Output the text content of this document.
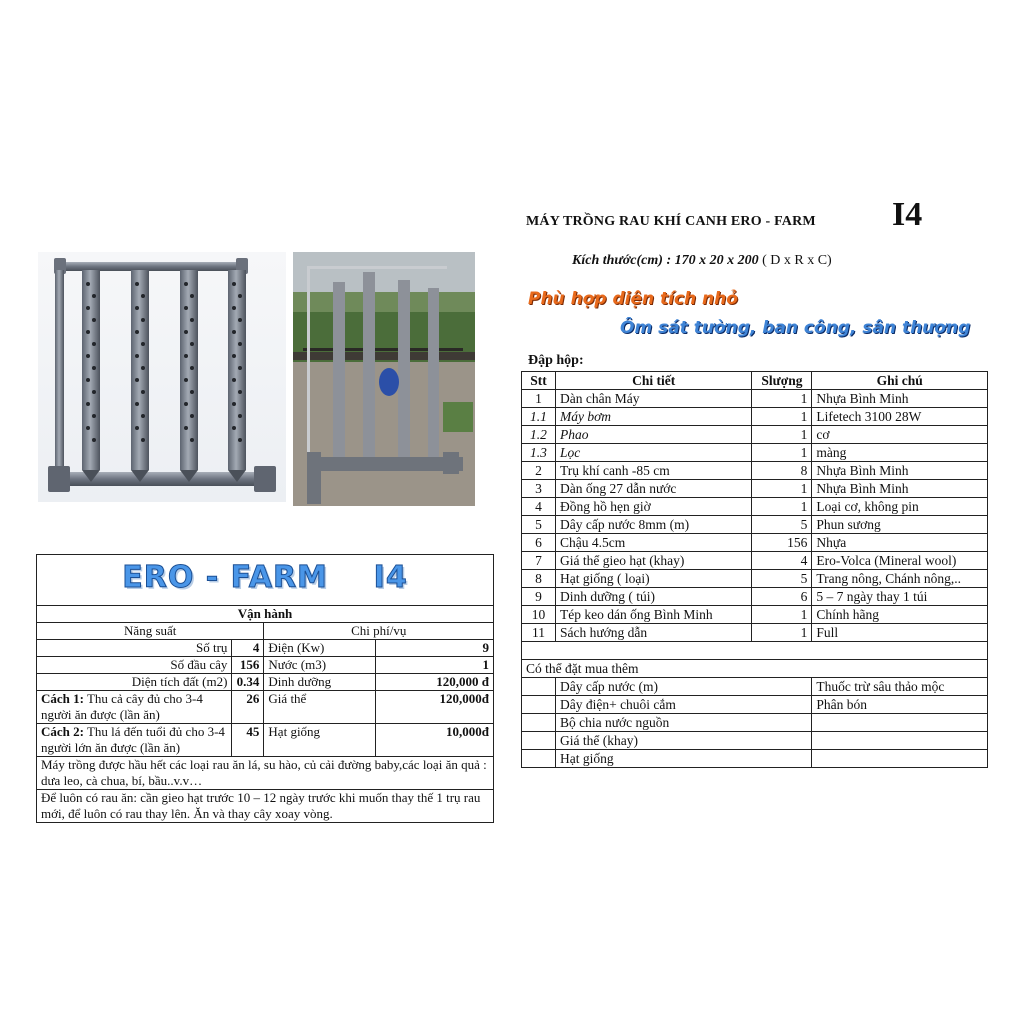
MÁY TRỒNG RAU KHÍ CANH ERO - FARM I4
Kích thước(cm) : 170 x 20 x 200 ( D x R x C)
Phù hợp diện tích nhỏ
Ôm sát tường, ban công, sân thượng
Đập hộp:
Stt	Chi tiết	Slượng	Ghi chú
1	Dàn chân Máy	1	Nhựa Bình Minh
1.1	Máy bơm	1	Lifetech 3100 28W
1.2	Phao	1	cơ
1.3	Lọc	1	màng
2	Trụ khí canh -85 cm	8	Nhựa Bình Minh
3	Dàn ống 27 dẫn nước	1	Nhựa Bình Minh
4	Đồng hồ hẹn giờ	1	Loại cơ, không pin
5	Dây cấp nước 8mm (m)	5	Phun sương
6	Chậu 4.5cm	156	Nhựa
7	Giá thể gieo hạt (khay)	4	Ero-Volca (Mineral wool)
8	Hạt giống ( loại)	5	Trang nông, Chánh nông,..
9	Dinh dưỡng ( túi)	6	5 – 7 ngày thay 1 túi
10	Tép keo dán ống Bình Minh	1	Chính hãng
11	Sách hướng dẫn	1	Full

Có thể đặt mua thêm			
	Dây cấp nước (m)		Thuốc trừ sâu thảo mộc
	Dây điện+ chuôi cắm		Phân bón
	Bộ chia nước nguồn		
	Giá thể (khay)		
	Hạt giống		
ERO - FARM    I4			
Vận hành			
Năng suất		Chi phí/vụ	
Số trụ	4	Điện (Kw)	9
Số đầu cây	156	Nước (m3)	1
Diện tích đất (m2)	0.34	Dinh dưỡng	120,000 đ
Cách 1: Thu cả cây đủ cho 3-4 người ăn được (lần ăn)	26	Giá thể	120,000đ
Cách 2: Thu lá đến tuổi đủ cho 3-4 người lớn ăn được (lần ăn)	45	Hạt giống	10,000đ
Máy trồng được hầu hết các loại rau ăn lá, su hào, củ cải đường baby,các loại ăn quả : dưa leo, cà chua, bí, bầu..v.v…			
Để luôn có rau ăn: cần gieo hạt trước 10 – 12 ngày trước khi muốn thay thế 1 trụ rau mới, để luôn có rau thay lên. Ăn và thay cây xoay vòng.			
